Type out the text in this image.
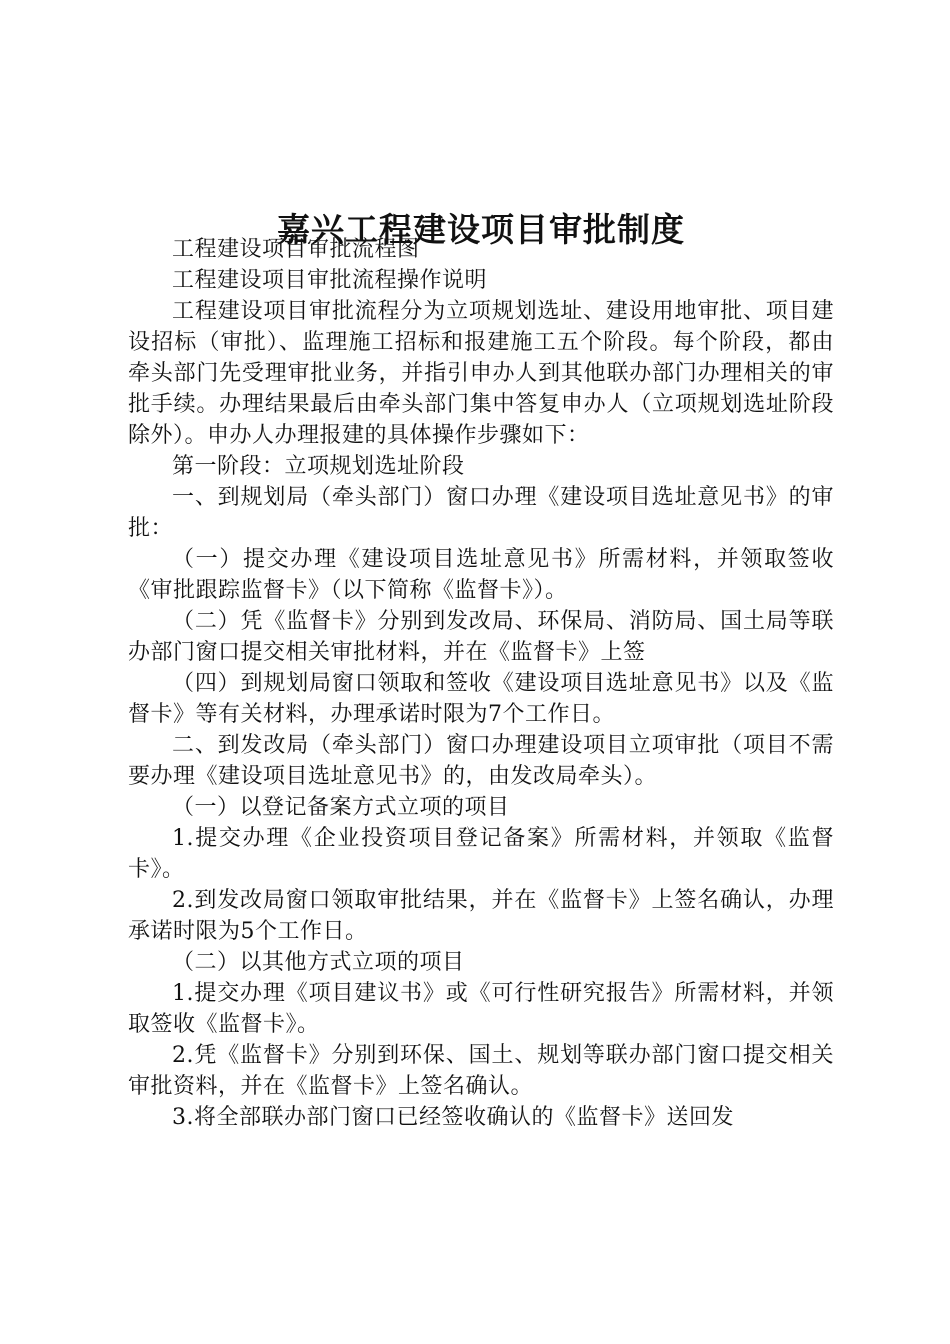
嘉兴工程建设项目审批制度

工程建设项目审批流程图

工程建设项目审批流程操作说明

工程建设项目审批流程分为立项规划选址、建设用地审批、项目建设招标（审批）、监理施工招标和报建施工五个阶段。每个阶段，都由牵头部门先受理审批业务，并指引申办人到其他联办部门办理相关的审批手续。办理结果最后由牵头部门集中答复申办人（立项规划选址阶段除外）。申办人办理报建的具体操作步骤如下：

第一阶段：立项规划选址阶段

一、到规划局（牵头部门）窗口办理《建设项目选址意见书》的审批：

（一）提交办理《建设项目选址意见书》所需材料，并领取签收《审批跟踪监督卡》（以下简称《监督卡》）。

（二）凭《监督卡》分别到发改局、环保局、消防局、国土局等联办部门窗口提交相关审批材料，并在《监督卡》上签

（四）到规划局窗口领取和签收《建设项目选址意见书》以及《监督卡》等有关材料，办理承诺时限为7个工作日。

二、到发改局（牵头部门）窗口办理建设项目立项审批（项目不需要办理《建设项目选址意见书》的，由发改局牵头）。

（一）以登记备案方式立项的项目

1.提交办理《企业投资项目登记备案》所需材料，并领取《监督卡》。

2.到发改局窗口领取审批结果，并在《监督卡》上签名确认，办理承诺时限为5个工作日。

（二）以其他方式立项的项目

1.提交办理《项目建议书》或《可行性研究报告》所需材料，并领取签收《监督卡》。

2.凭《监督卡》分别到环保、国土、规划等联办部门窗口提交相关审批资料，并在《监督卡》上签名确认。

3.将全部联办部门窗口已经签收确认的《监督卡》送回发
